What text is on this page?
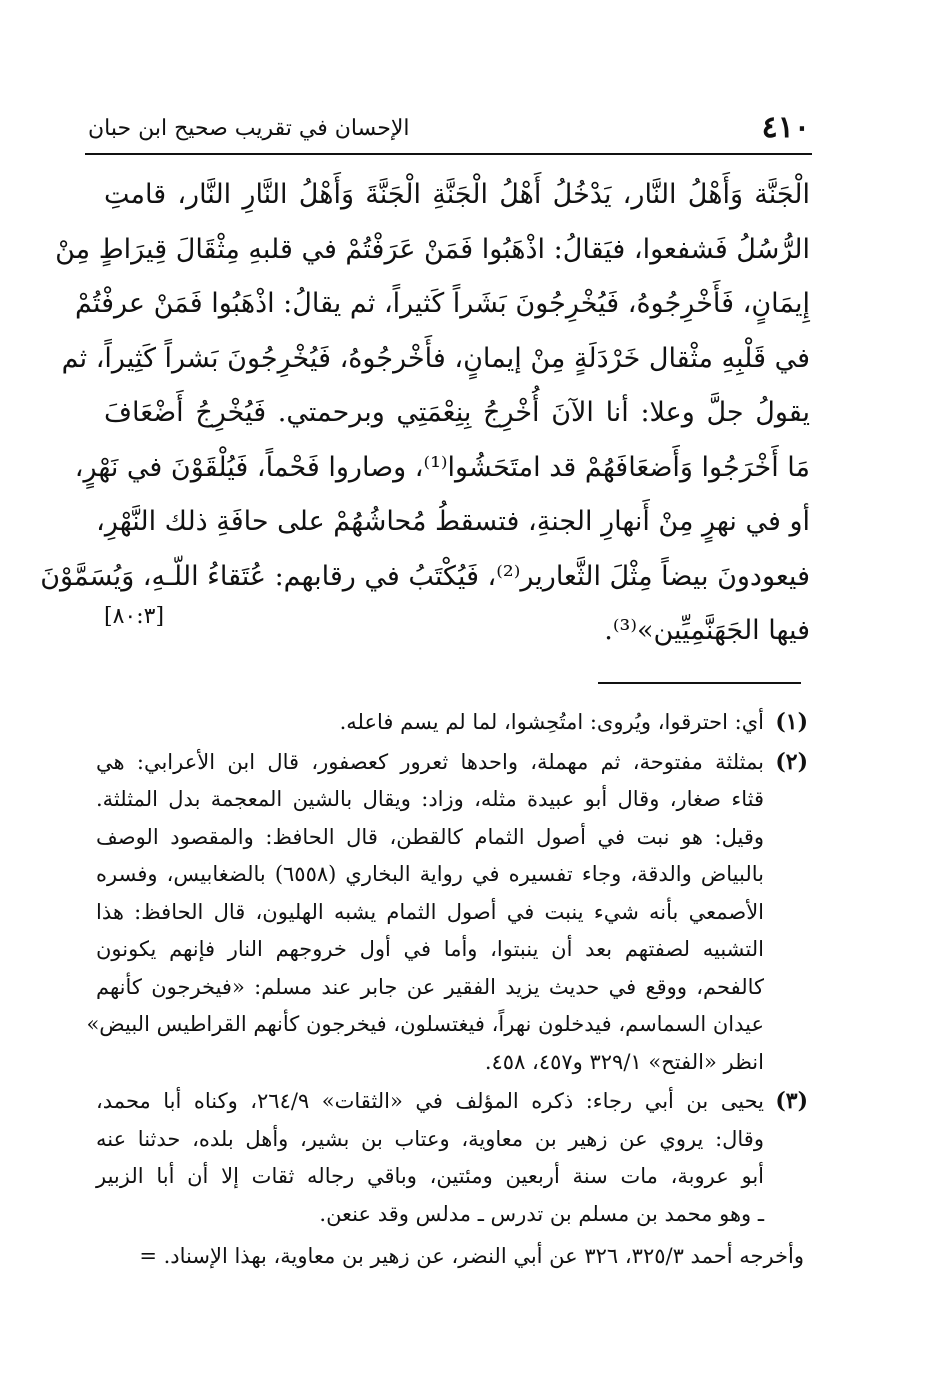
٤١٠
الإحسان في تقريب صحيح ابن حبان
الْجَنَّة وَأَهْلُ النَّار، يَدْخُلُ أَهْلُ الْجَنَّةِ الْجَنَّةَ وَأَهْلُ النَّارِ النَّار، قامتِ
الرُّسُلُ فَشفعوا، فيَقالُ: اذْهَبُوا فَمَنْ عَرَفْتُمْ في قلبهِ مِثْقَالَ قِيرَاطٍ مِنْ
إِيمَانٍ، فَأَخْرِجُوهُ، فَيُخْرِجُونَ بَشَراً كَثيراً، ثم يقالُ: اذْهَبُوا فَمَنْ عرفْتُمْ
في قَلْبِهِ مثْقال خَرْدَلَةٍ مِنْ إيمانٍ، فأَخْرجُوهُ، فَيُخْرِجُونَ بَشراً كَثِيراً، ثم
يقولُ جلَّ وعلا: أنا الآنَ أُخْرِجُ بِنِعْمَتِي وبرحمتي. فَيُخْرِجُ أَضْعَافَ
مَا أَخْرَجُوا وَأَضعَافَهُمْ قد امتَحَشُوا⁽¹⁾، وصاروا فَحْماً، فَيُلْقَوْنَ في نَهْرٍ،
أو في نهرٍ مِنْ أَنهارِ الجنةِ، فتسقطُ مُحاشُهُمْ على حافَةِ ذلك النَّهْرِ،
فيعودونَ بيضاً مِثْلَ الثَّعارير⁽²⁾، فَيُكْتَبُ في رقابهم: عُتَقاءُ اللّـهِ، وَيُسَمَّوْنَ
فيها الجَهَنَّمِيِّين»⁽³⁾.
[٨٠:٣]
(١)
أي: احترقوا، ويُروى: امتُحِشوا، لما لم يسم فاعله.
(٢)
بمثلثة مفتوحة، ثم مهملة، واحدها ثعرور كعصفور، قال ابن الأعرابي: هي
قثاء صغار، وقال أبو عبيدة مثله، وزاد: ويقال بالشين المعجمة بدل المثلثة.
وقيل: هو نبت في أصول الثمام كالقطن، قال الحافظ: والمقصود الوصف
بالبياض والدقة، وجاء تفسيره في رواية البخاري (٦٥٥٨) بالضغابيس، وفسره
الأصمعي بأنه شيء ينبت في أصول الثمام يشبه الهليون، قال الحافظ: هذا
التشبيه لصفتهم بعد أن ينبتوا، وأما في أول خروجهم النار فإنهم يكونون
كالفحم، ووقع في حديث يزيد الفقير عن جابر عند مسلم: «فيخرجون كأنهم
عيدان السماسم، فيدخلون نهراً، فيغتسلون، فيخرجون كأنهم القراطيس البيض»
انظر «الفتح» ٣٢٩/١ و٤٥٧، ٤٥٨.
(٣)
يحيى بن أبي رجاء: ذكره المؤلف في «الثقات» ٢٦٤/٩، وكناه أبا محمد،
وقال: يروي عن زهير بن معاوية، وعتاب بن بشير، وأهل بلده، حدثنا عنه
أبو عروبة، مات سنة أربعين ومئتين، وباقي رجاله ثقات إلا أن أبا الزبير
ـ وهو محمد بن مسلم بن تدرس ـ مدلس وقد عنعن.
وأخرجه أحمد ٣٢٥/٣، ٣٢٦ عن أبي النضر، عن زهير بن معاوية، بهذا الإسناد. =
